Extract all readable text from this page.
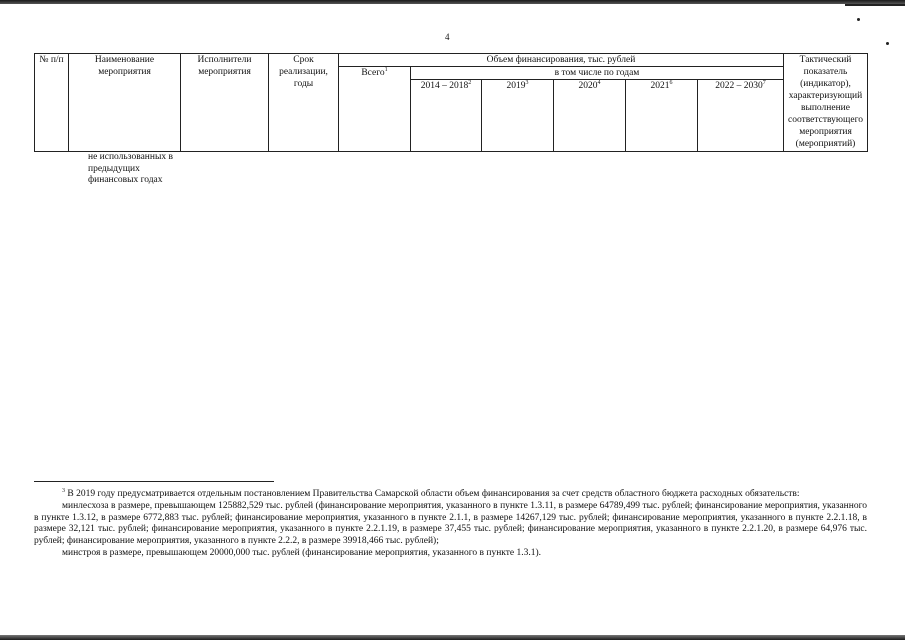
4
№ п/п	Наименование мероприятия	Исполнители мероприятия	Срок реализации, годы	Объем финансирования, тыс. рублей						Тактический показатель (индикатор), характеризующий выполнение соответствующего мероприятия (мероприятий)
				Всего$^1$	в том числе по годам					
					2014 – 2018$^2$	2019$^3$	2020$^4$	2021$^6$	2022 – 2030$^7$
не использованных в
предыдущих
финансовых годах

$^3$ В 2019 году предусматривается отдельным постановлением Правительства Самарской области объем финансирования за счет средств областного бюджета расходных обязательств:

минлесхоза в размере, превышающем 125882,529 тыс. рублей (финансирование мероприятия, указанного в пункте 1.3.11, в размере 64789,499 тыс. рублей; финансирование мероприятия, указанного в пункте 1.3.12, в размере 6772,883 тыс. рублей; финансирование мероприятия, указанного в пункте 2.1.1, в размере 14267,129 тыс. рублей; финансирование мероприятия, указанного в пункте 2.2.1.18, в размере 32,121 тыс. рублей; финансирование мероприятия, указанного в пункте 2.2.1.19, в размере 37,455 тыс. рублей; финансирование мероприятия, указанного в пункте 2.2.1.20, в размере 64,976 тыс. рублей; финансирование мероприятия, указанного в пункте 2.2.2, в размере 39918,466 тыс. рублей);

минстроя в размере, превышающем 20000,000 тыс. рублей (финансирование мероприятия, указанного в пункте 1.3.1).
